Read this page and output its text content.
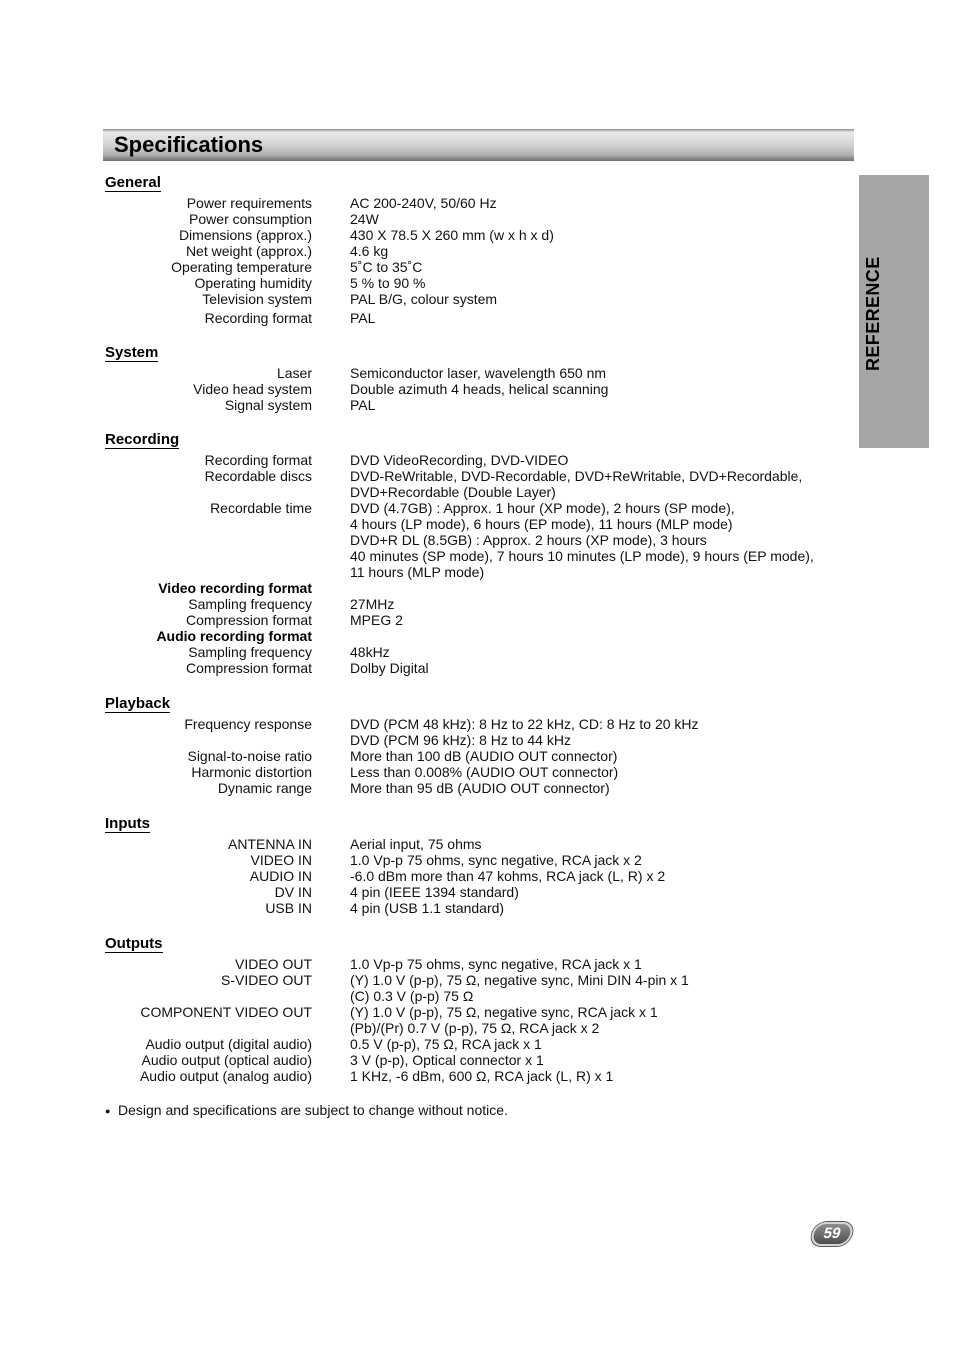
Specifications
REFERENCE
General
Power requirements	AC 200-240V, 50/60 Hz
Power consumption	24W
Dimensions (approx.)	430 X 78.5 X 260 mm (w x h x d)
Net weight (approx.)	4.6 kg
Operating temperature	5˚C to 35˚C
Operating humidity	5 % to 90 %
Television system	PAL B/G, colour system
Recording format	PAL
System
Laser	Semiconductor laser, wavelength 650 nm
Video head system	Double azimuth 4 heads, helical scanning
Signal system	PAL
Recording
Recording format	DVD VideoRecording, DVD-VIDEO
Recordable discs	DVD-ReWritable, DVD-Recordable, DVD+ReWritable, DVD+Recordable,
DVD+Recordable (Double Layer)
Recordable time	DVD (4.7GB) : Approx. 1 hour (XP mode), 2 hours (SP mode),
4 hours (LP mode), 6 hours (EP mode), 11 hours (MLP mode)
DVD+R DL (8.5GB) : Approx. 2 hours (XP mode), 3 hours
40 minutes (SP mode), 7 hours 10 minutes (LP mode), 9 hours (EP mode),
11 hours (MLP mode)
Video recording format
Sampling frequency	27MHz
Compression format	MPEG 2
Audio recording format
Sampling frequency	48kHz
Compression format	Dolby Digital
Playback
Frequency response	DVD (PCM 48 kHz): 8 Hz to 22 kHz, CD: 8 Hz to 20 kHz
DVD (PCM 96 kHz): 8 Hz to 44 kHz
Signal-to-noise ratio	More than 100 dB (AUDIO OUT connector)
Harmonic distortion	Less than 0.008% (AUDIO OUT connector)
Dynamic range	More than 95 dB (AUDIO OUT connector)
Inputs
ANTENNA IN	Aerial input, 75 ohms
VIDEO IN	1.0 Vp-p 75 ohms, sync negative, RCA jack x 2
AUDIO IN	-6.0 dBm more than 47 kohms, RCA jack (L, R) x 2
DV IN	4 pin (IEEE 1394 standard)
USB IN	4 pin (USB 1.1 standard)
Outputs
VIDEO OUT	1.0 Vp-p 75 ohms, sync negative, RCA jack x 1
S-VIDEO OUT	(Y) 1.0 V (p-p), 75 Ω, negative sync, Mini DIN 4-pin x 1
(C) 0.3 V (p-p) 75 Ω
COMPONENT VIDEO OUT	(Y) 1.0 V (p-p), 75 Ω, negative sync, RCA jack x 1
(Pb)/(Pr) 0.7 V (p-p), 75 Ω, RCA jack x 2
Audio output (digital audio)	0.5 V (p-p), 75 Ω, RCA jack x 1
Audio output (optical audio)	3 V (p-p), Optical connector x 1
Audio output (analog audio)	1 KHz, -6 dBm, 600 Ω, RCA jack (L, R) x 1
● Design and specifications are subject to change without notice.
59
